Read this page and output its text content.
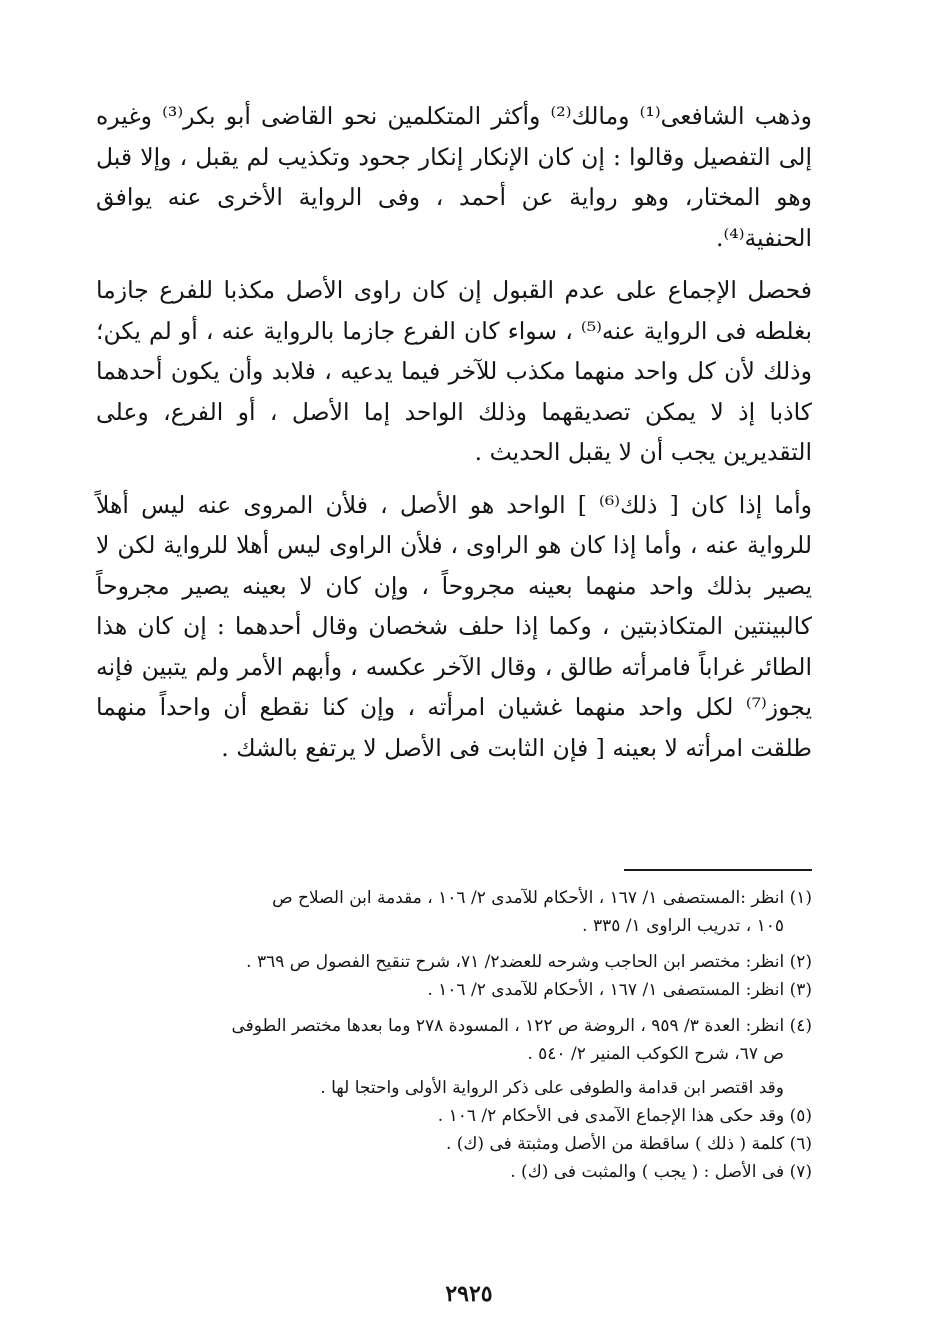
وذهب الشافعى⁽¹⁾ ومالك⁽²⁾ وأكثر المتكلمين نحو القاضى أبو بكر⁽³⁾ وغيره إلى التفصيل وقالوا : إن كان الإنكار إنكار جحود وتكذيب لم يقبل ، وإلا قبل وهو المختار، وهو رواية عن أحمد ، وفى الرواية الأخرى عنه يوافق الحنفية⁽⁴⁾.

فحصل الإجماع على عدم القبول إن كان راوى الأصل مكذبا للفرع جازما بغلطه فى الرواية عنه⁽⁵⁾ ، سواء كان الفرع جازما بالرواية عنه ، أو لم يكن؛ وذلك لأن كل واحد منهما مكذب للآخر فيما يدعيه ، فلابد وأن يكون أحدهما كاذبا إذ لا يمكن تصديقهما وذلك الواحد إما الأصل ، أو الفرع، وعلى التقديرين يجب أن لا يقبل الحديث .

وأما إذا كان [ ذلك⁽⁶⁾ ] الواحد هو الأصل ، فلأن المروى عنه ليس أهلاً للرواية عنه ، وأما إذا كان هو الراوى ، فلأن الراوى ليس أهلا للرواية لكن لا يصير بذلك واحد منهما بعينه مجروحاً ، وإن كان لا بعينه يصير مجروحاً كالبينتين المتكاذبتين ، وكما إذا حلف شخصان وقال أحدهما : إن كان هذا الطائر غراباً فامرأته طالق ، وقال الآخر عكسه ، وأبهم الأمر ولم يتبين فإنه يجوز⁽⁷⁾ لكل واحد منهما غشيان امرأته ، وإن كنا نقطع أن واحداً منهما طلقت امرأته لا بعينه [ فإن الثابت فى الأصل لا يرتفع بالشك .

(١) انظر :المستصفى ١/ ١٦٧ ، الأحكام للآمدى ٢/ ١٠٦ ، مقدمة ابن الصلاح ص

١٠٥ ، تدريب الراوى ١/ ٣٣٥ .

(٢) انظر: مختصر ابن الحاجب وشرحه للعضد٢/ ٧١، شرح تنقيح الفصول ص ٣٦٩ .

(٣) انظر: المستصفى ١/ ١٦٧ ، الأحكام للآمدى ٢/ ١٠٦ .

(٤) انظر: العدة ٣/ ٩٥٩ ، الروضة ص ١٢٢ ، المسودة ٢٧٨ وما بعدها مختصر الطوفى

ص ٦٧، شرح الكوكب المنير ٢/ ٥٤٠ .

وقد اقتصر ابن قدامة والطوفى على ذكر الرواية الأولى واحتجا لها .

(٥) وقد حكى هذا الإجماع الآمدى فى الأحكام ٢/ ١٠٦ .

(٦) كلمة ( ذلك ) ساقطة من الأصل ومثبتة فى (ك) .

(٧) فى الأصل : ( يجب ) والمثبت فى (ك) .

٢٩٢٥
